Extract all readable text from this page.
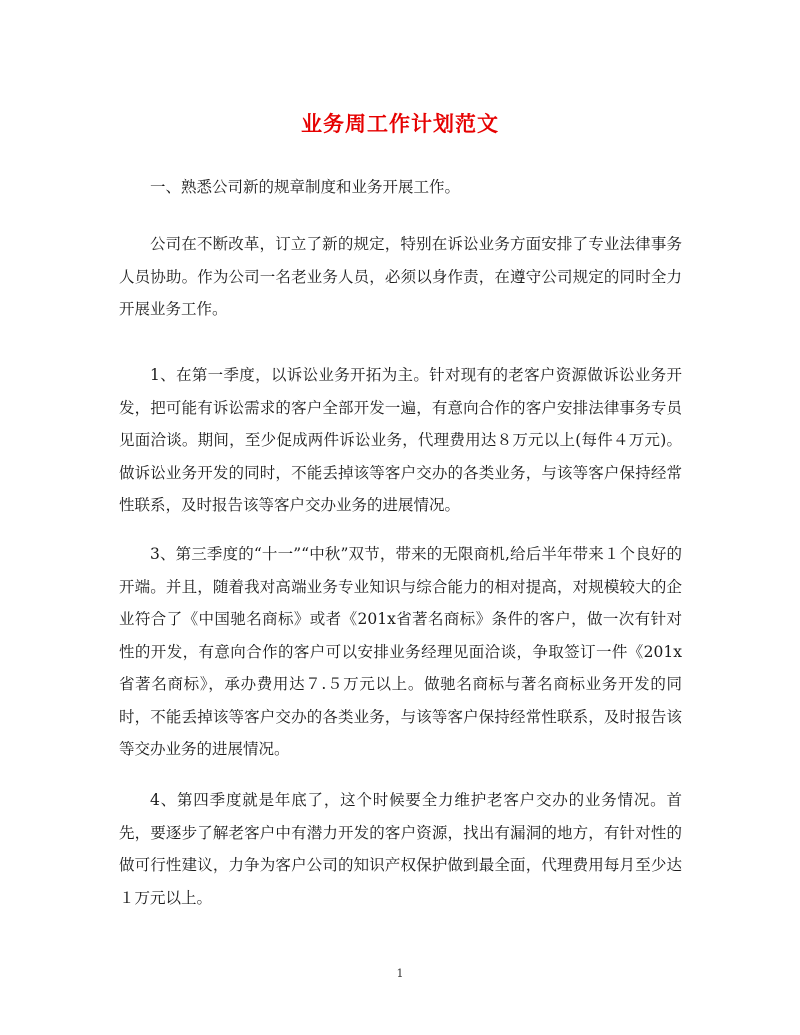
业务周工作计划范文

一、熟悉公司新的规章制度和业务开展工作。

公司在不断改革，订立了新的规定，特别在诉讼业务方面安排了专业法律事务人员协助。作为公司一名老业务人员，必须以身作责，在遵守公司规定的同时全力开展业务工作。

1、在第一季度，以诉讼业务开拓为主。针对现有的老客户资源做诉讼业务开发，把可能有诉讼需求的客户全部开发一遍，有意向合作的客户安排法律事务专员见面洽谈。期间，至少促成两件诉讼业务，代理费用达８万元以上(每件４万元)。做诉讼业务开发的同时，不能丢掉该等客户交办的各类业务，与该等客户保持经常性联系，及时报告该等客户交办业务的进展情况。

3、第三季度的“十一”“中秋”双节，带来的无限商机,给后半年带来１个良好的开端。并且，随着我对高端业务专业知识与综合能力的相对提高，对规模较大的企业符合了《中国驰名商标》或者《201x省著名商标》条件的客户，做一次有针对性的开发，有意向合作的客户可以安排业务经理见面洽谈，争取签订一件《201x省著名商标》，承办费用达７.５万元以上。做驰名商标与著名商标业务开发的同时，不能丢掉该等客户交办的各类业务，与该等客户保持经常性联系，及时报告该等交办业务的进展情况。

4、第四季度就是年底了，这个时候要全力维护老客户交办的业务情况。首先，要逐步了解老客户中有潜力开发的客户资源，找出有漏洞的地方，有针对性的做可行性建议，力争为客户公司的知识产权保护做到最全面，代理费用每月至少达１万元以上。

1
